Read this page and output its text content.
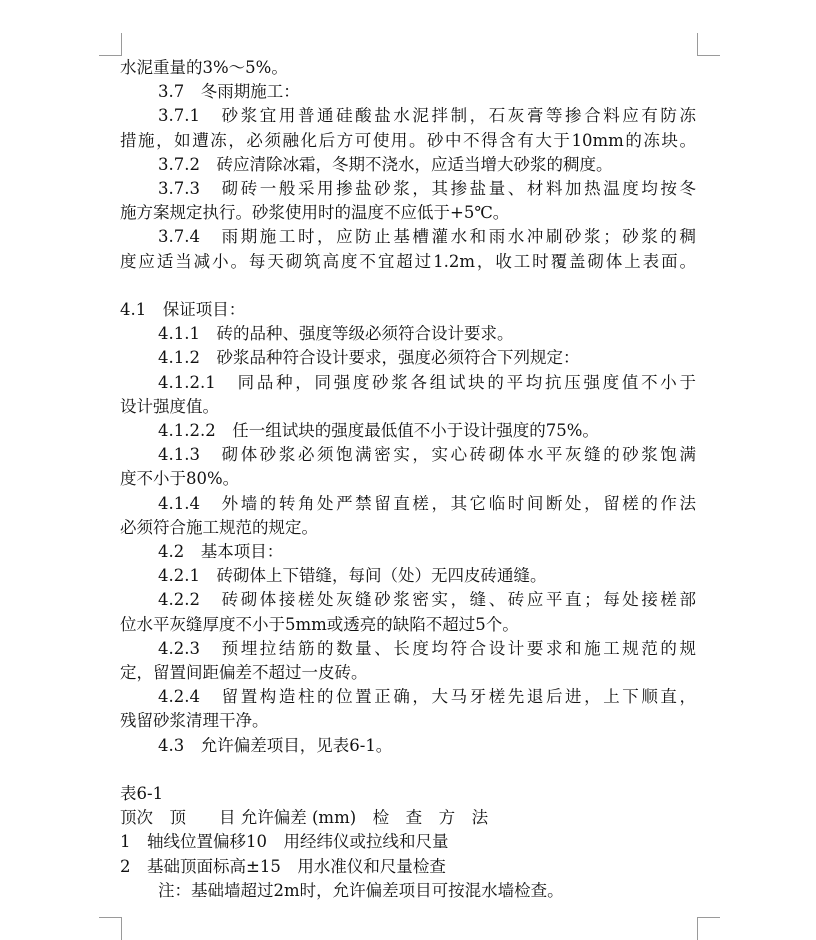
水泥重量的3%～5%。
3.7　冬雨期施工：
3.7.1　砂浆宜用普通硅酸盐水泥拌制，石灰膏等掺合料应有防冻
措施，如遭冻，必须融化后方可使用。砂中不得含有大于10mm的冻块。
3.7.2　砖应清除冰霜，冬期不浇水，应适当增大砂浆的稠度。
3.7.3　砌砖一般采用掺盐砂浆，其掺盐量、材料加热温度均按冬
施方案规定执行。砂浆使用时的温度不应低于+5℃。
3.7.4　雨期施工时，应防止基槽灌水和雨水冲刷砂浆；砂浆的稠
度应适当减小。每天砌筑高度不宜超过1.2m，收工时覆盖砌体上表面。
4.1　保证项目：
4.1.1　砖的品种、强度等级必须符合设计要求。
4.1.2　砂浆品种符合设计要求，强度必须符合下列规定：
4.1.2.1　同品种，同强度砂浆各组试块的平均抗压强度值不小于
设计强度值。
4.1.2.2　任一组试块的强度最低值不小于设计强度的75%。
4.1.3　砌体砂浆必须饱满密实，实心砖砌体水平灰缝的砂浆饱满
度不小于80%。
4.1.4　外墙的转角处严禁留直槎，其它临时间断处，留槎的作法
必须符合施工规范的规定。
4.2　基本项目：
4.2.1　砖砌体上下错缝，每间（处）无四皮砖通缝。
4.2.2　砖砌体接槎处灰缝砂浆密实，缝、砖应平直；每处接槎部
位水平灰缝厚度不小于5mm或透亮的缺陷不超过5个。
4.2.3　预埋拉结筋的数量、长度均符合设计要求和施工规范的规
定，留置间距偏差不超过一皮砖。
4.2.4　留置构造柱的位置正确，大马牙槎先退后进，上下顺直，
残留砂浆清理干净。
4.3　允许偏差项目，见表6-1。
表6-1
顶次　顶　　目 允许偏差 (mm)　检　查　方　法
1　轴线位置偏移10　用经纬仪或拉线和尺量
2　基础顶面标高±15　用水准仪和尺量检查
注：基础墙超过2m时，允许偏差项目可按混水墙检查。
